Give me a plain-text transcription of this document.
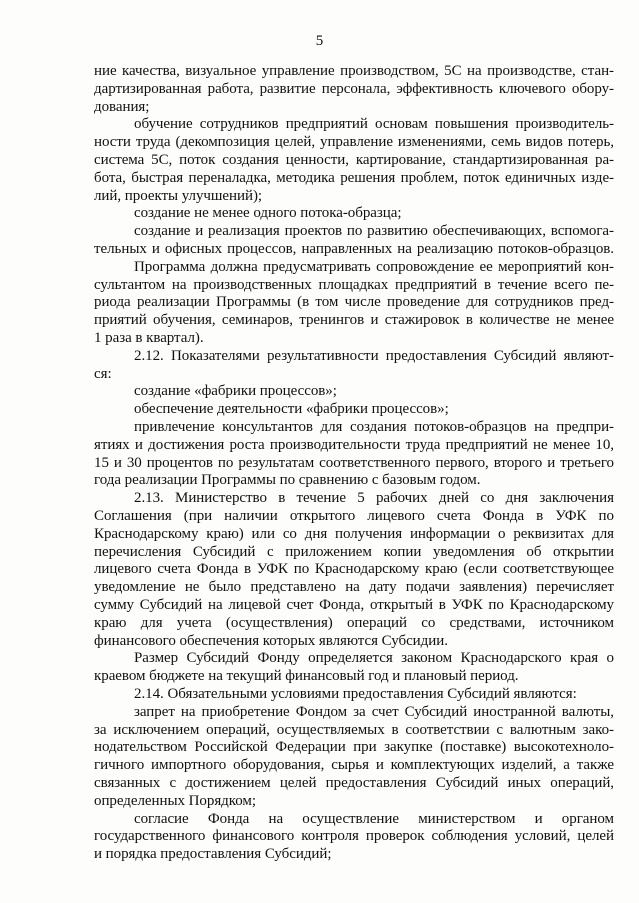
5
ние качества, визуальное управление производством, 5С на производстве, стан-
дартизированная работа, развитие персонала, эффективность ключевого обору-
дования;
обучение сотрудников предприятий основам повышения производитель-
ности труда (декомпозиция целей, управление изменениями, семь видов потерь,
система 5С, поток создания ценности, картирование, стандартизированная ра-
бота, быстрая переналадка, методика решения проблем, поток единичных изде-
лий, проекты улучшений);
создание не менее одного потока-образца;
создание и реализация проектов по развитию обеспечивающих, вспомога-
тельных и офисных процессов, направленных на реализацию потоков-образцов.
Программа должна предусматривать сопровождение ее мероприятий кон-
сультантом на производственных площадках предприятий в течение всего пе-
риода реализации Программы (в том числе проведение для сотрудников пред-
приятий обучения, семинаров, тренингов и стажировок в количестве не менее
1 раза в квартал).
2.12. Показателями результативности предоставления Субсидий являют-
ся:
создание «фабрики процессов»;
обеспечение деятельности «фабрики процессов»;
привлечение консультантов для создания потоков-образцов на предпри-
ятиях и достижения роста производительности труда предприятий не менее 10,
15 и 30 процентов по результатам соответственного первого, второго и третьего
года реализации Программы по сравнению с базовым годом.
2.13. Министерство в течение 5 рабочих дней со дня заключения
Соглашения (при наличии открытого лицевого счета Фонда в УФК по
Краснодарскому краю) или со дня получения информации о реквизитах для
перечисления Субсидий с приложением копии уведомления об открытии
лицевого счета Фонда в УФК по Краснодарскому краю (если соответствующее
уведомление не было представлено на дату подачи заявления) перечисляет
сумму Субсидий на лицевой счет Фонда, открытый в УФК по Краснодарскому
краю для учета (осуществления) операций со средствами, источником
финансового обеспечения которых являются Субсидии.
Размер Субсидий Фонду определяется законом Краснодарского края о
краевом бюджете на текущий финансовый год и плановый период.
2.14. Обязательными условиями предоставления Субсидий являются:
запрет на приобретение Фондом за счет Субсидий иностранной валюты,
за исключением операций, осуществляемых в соответствии с валютным зако-
нодательством Российской Федерации при закупке (поставке) высокотехноло-
гичного импортного оборудования, сырья и комплектующих изделий, а также
связанных с достижением целей предоставления Субсидий иных операций,
определенных Порядком;
согласие Фонда на осуществление министерством и органом
государственного финансового контроля проверок соблюдения условий, целей
и порядка предоставления Субсидий;
